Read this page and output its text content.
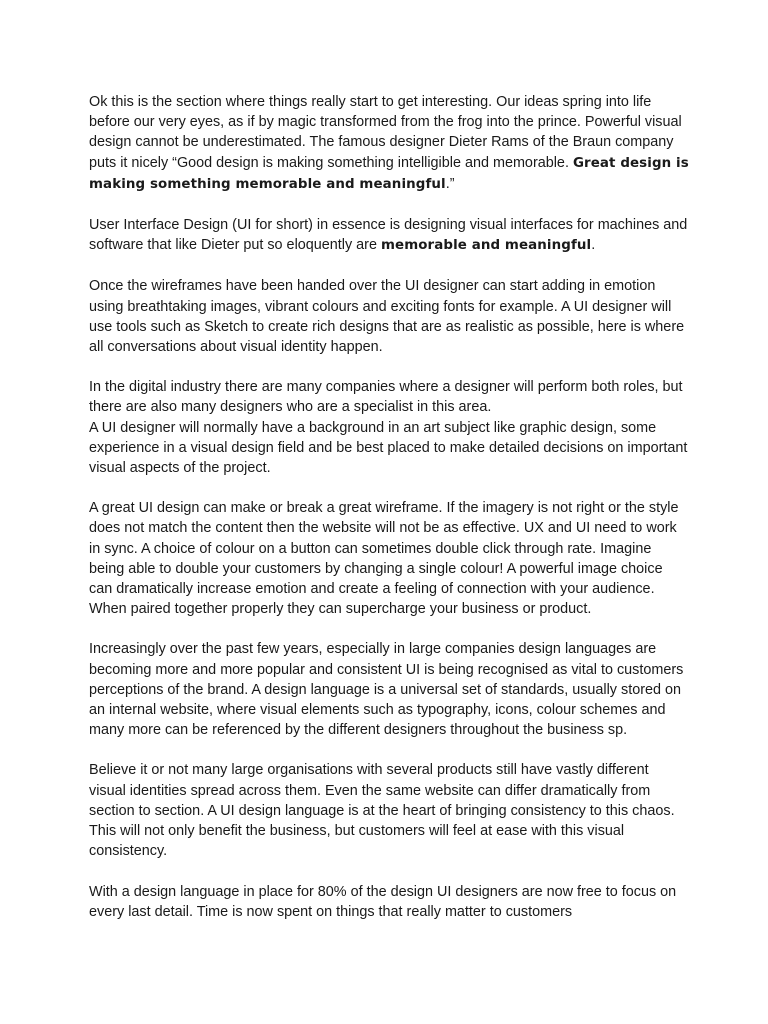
Ok this is the section where things really start to get interesting. Our ideas spring into life before our very eyes, as if by magic transformed from the frog into the prince. Powerful visual design cannot be underestimated. The famous designer Dieter Rams of the Braun company puts it nicely “Good design is making something intelligible and memorable. Great design is making something memorable and meaningful.”

User Interface Design (UI for short) in essence is designing visual interfaces for machines and software that like Dieter put so eloquently are memorable and meaningful.

Once the wireframes have been handed over the UI designer can start adding in emotion using breathtaking images, vibrant colours and exciting fonts for example. A UI designer will use tools such as Sketch to create rich designs that are as realistic as possible, here is where all conversations about visual identity happen.

In the digital industry there are many companies where a designer will perform both roles, but there are also many designers who are a specialist in this area.

A UI designer will normally have a background in an art subject like graphic design, some experience in a visual design field and be best placed to make detailed decisions on important visual aspects of the project.

A great UI design can make or break a great wireframe. If the imagery is not right or the style does not match the content then the website will not be as effective. UX and UI need to work in sync. A choice of colour on a button can sometimes double click through rate. Imagine being able to double your customers by changing a single colour! A powerful image choice can dramatically increase emotion and create a feeling of connection with your audience. When paired together properly they can supercharge your business or product.

Increasingly over the past few years, especially in large companies design languages are becoming more and more popular and consistent UI is being recognised as vital to customers perceptions of the brand. A design language is a universal set of standards, usually stored on an internal website, where visual elements such as typography, icons, colour schemes and many more can be referenced by the different designers throughout the business sp.

Believe it or not many large organisations with several products still have vastly different visual identities spread across them. Even the same website can differ dramatically from section to section. A UI design language is at the heart of bringing consistency to this chaos. This will not only benefit the business, but customers will feel at ease with this visual consistency.

With a design language in place for 80% of the design UI designers are now free to focus on every last detail. Time is now spent on things that really matter to customers
